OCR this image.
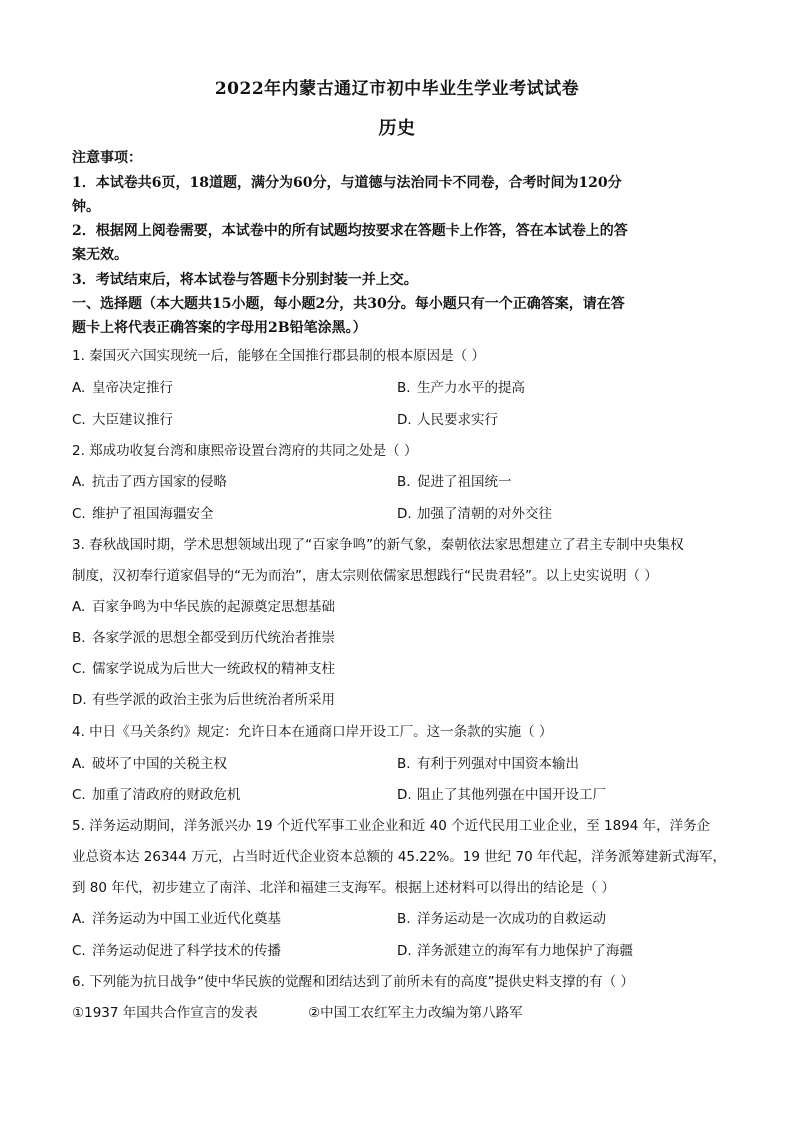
2022年内蒙古通辽市初中毕业生学业考试试卷
历史
注意事项：
1．本试卷共6页，18道题，满分为60分，与道德与法治同卡不同卷，合考时间为120分
钟。
2．根据网上阅卷需要，本试卷中的所有试题均按要求在答题卡上作答，答在本试卷上的答
案无效。
3．考试结束后，将本试卷与答题卡分别封装一并上交。
一、选择题（本大题共15小题，每小题2分，共30分。每小题只有一个正确答案，请在答
题卡上将代表正确答案的字母用2B铅笔涂黑。）
1. 秦国灭六国实现统一后，能够在全国推行郡县制的根本原因是（ ）
A. 皇帝决定推行	B. 生产力水平的提高
C. 大臣建议推行	D. 人民要求实行
2. 郑成功收复台湾和康熙帝设置台湾府的共同之处是（ ）
A. 抗击了西方国家的侵略	B. 促进了祖国统一
C. 维护了祖国海疆安全	D. 加强了清朝的对外交往
3. 春秋战国时期，学术思想领域出现了“百家争鸣”的新气象，秦朝依法家思想建立了君主专制中央集权
制度，汉初奉行道家倡导的“无为而治”，唐太宗则依儒家思想践行“民贵君轻”。以上史实说明（ ）
A. 百家争鸣为中华民族的起源奠定思想基础
B. 各家学派的思想全都受到历代统治者推崇
C. 儒家学说成为后世大一统政权的精神支柱
D. 有些学派的政治主张为后世统治者所采用
4. 中日《马关条约》规定：允许日本在通商口岸开设工厂。这一条款的实施（ ）
A. 破坏了中国的关税主权	B. 有利于列强对中国资本输出
C. 加重了清政府的财政危机	D. 阻止了其他列强在中国开设工厂
5. 洋务运动期间，洋务派兴办 19 个近代军事工业企业和近 40 个近代民用工业企业，至 1894 年，洋务企
业总资本达 26344 万元，占当时近代企业资本总额的 45.22%。19 世纪 70 年代起，洋务派筹建新式海军，
到 80 年代，初步建立了南洋、北洋和福建三支海军。根据上述材料可以得出的结论是（ ）
A. 洋务运动为中国工业近代化奠基	B. 洋务运动是一次成功的自救运动
C. 洋务运动促进了科学技术的传播	D. 洋务派建立的海军有力地保护了海疆
6. 下列能为抗日战争“使中华民族的觉醒和团结达到了前所未有的高度”提供史料支撑的有（ ）
①1937 年国共合作宣言的发表	②中国工农红军主力改编为第八路军
